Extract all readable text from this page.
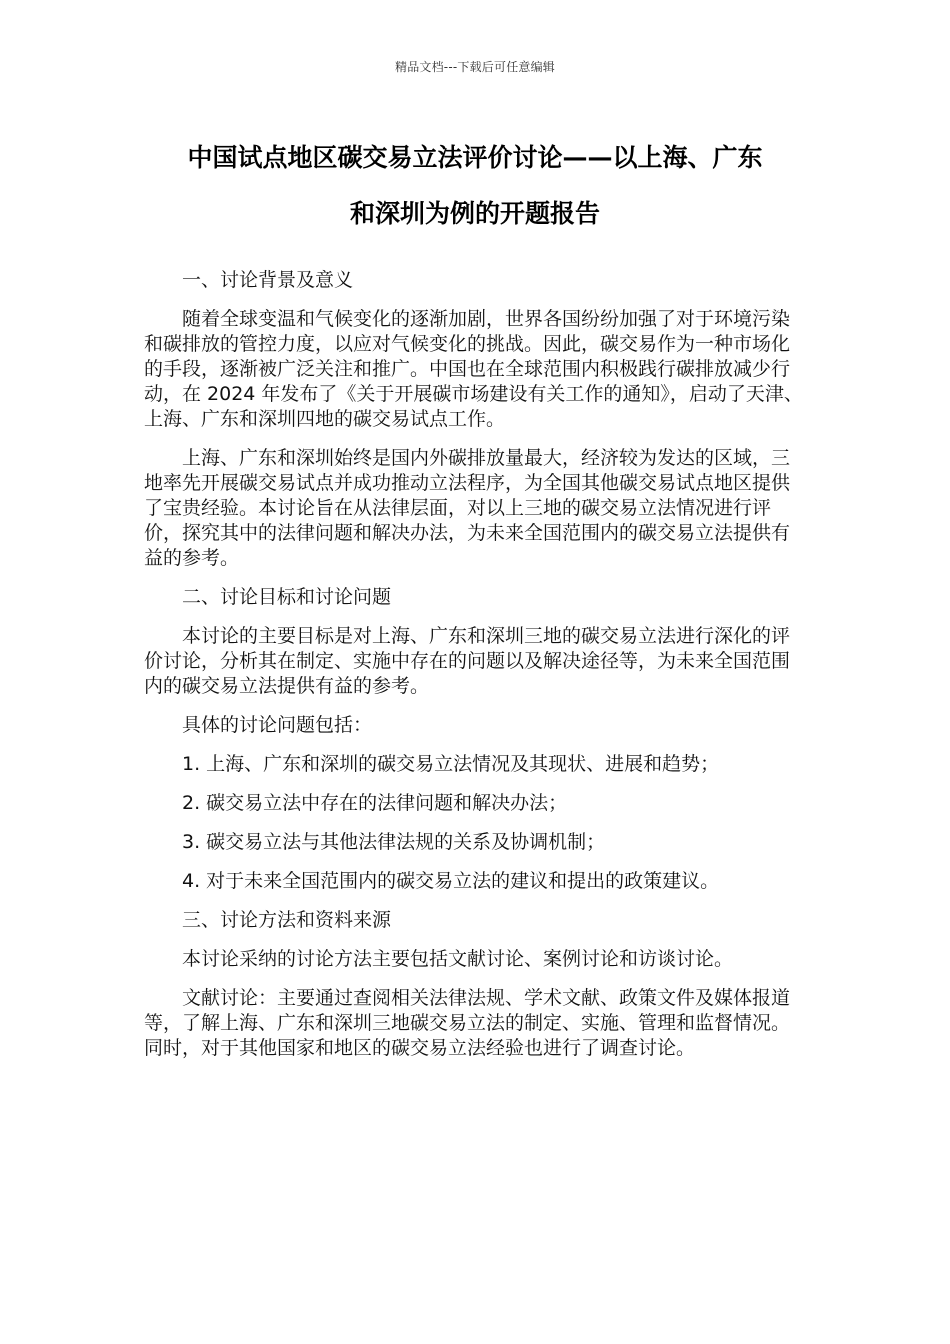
精品文档---下载后可任意编辑
中国试点地区碳交易立法评价讨论——以上海、广东
和深圳为例的开题报告

一、讨论背景及意义

随着全球变温和气候变化的逐渐加剧，世界各国纷纷加强了对于环境污染和碳排放的管控力度，以应对气候变化的挑战。因此，碳交易作为一种市场化的手段，逐渐被广泛关注和推广。中国也在全球范围内积极践行碳排放减少行动，在 2024 年发布了《关于开展碳市场建设有关工作的通知》，启动了天津、上海、广东和深圳四地的碳交易试点工作。

上海、广东和深圳始终是国内外碳排放量最大，经济较为发达的区域，三地率先开展碳交易试点并成功推动立法程序，为全国其他碳交易试点地区提供了宝贵经验。本讨论旨在从法律层面，对以上三地的碳交易立法情况进行评价，探究其中的法律问题和解决办法，为未来全国范围内的碳交易立法提供有益的参考。

二、讨论目标和讨论问题

本讨论的主要目标是对上海、广东和深圳三地的碳交易立法进行深化的评价讨论，分析其在制定、实施中存在的问题以及解决途径等，为未来全国范围内的碳交易立法提供有益的参考。

具体的讨论问题包括：

1. 上海、广东和深圳的碳交易立法情况及其现状、进展和趋势；

2. 碳交易立法中存在的法律问题和解决办法；

3. 碳交易立法与其他法律法规的关系及协调机制；

4. 对于未来全国范围内的碳交易立法的建议和提出的政策建议。

三、讨论方法和资料来源

本讨论采纳的讨论方法主要包括文献讨论、案例讨论和访谈讨论。

文献讨论：主要通过查阅相关法律法规、学术文献、政策文件及媒体报道等，了解上海、广东和深圳三地碳交易立法的制定、实施、管理和监督情况。同时，对于其他国家和地区的碳交易立法经验也进行了调查讨论。
